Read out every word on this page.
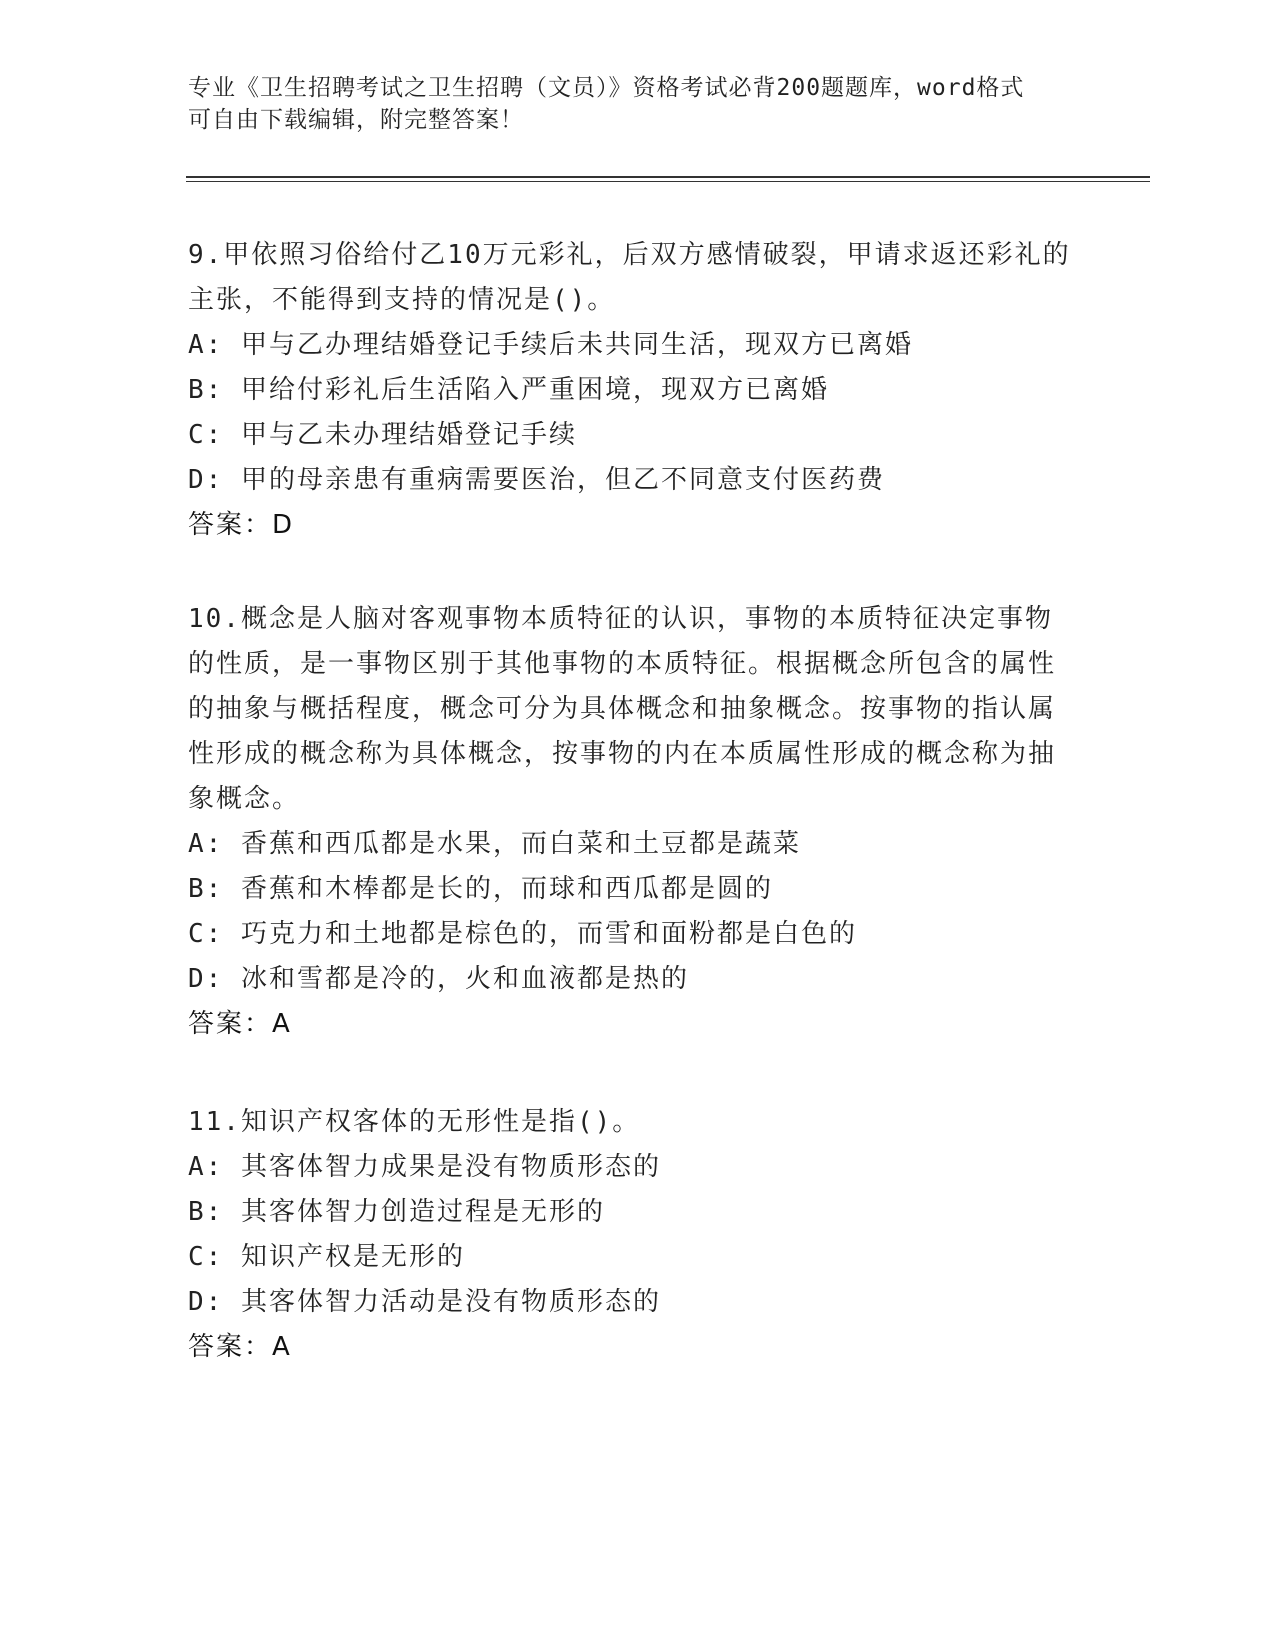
专业《卫生招聘考试之卫生招聘（文员）》资格考试必背200题题库，word格式
可自由下载编辑，附完整答案！
9.甲依照习俗给付乙10万元彩礼，后双方感情破裂，甲请求返还彩礼的主张，不能得到支持的情况是()。
A: 甲与乙办理结婚登记手续后未共同生活，现双方已离婚
B: 甲给付彩礼后生活陷入严重困境，现双方已离婚
C: 甲与乙未办理结婚登记手续
D: 甲的母亲患有重病需要医治，但乙不同意支付医药费
答案：D
10.概念是人脑对客观事物本质特征的认识，事物的本质特征决定事物的性质，是一事物区别于其他事物的本质特征。根据概念所包含的属性的抽象与概括程度，概念可分为具体概念和抽象概念。按事物的指认属性形成的概念称为具体概念，按事物的内在本质属性形成的概念称为抽象概念。
A: 香蕉和西瓜都是水果，而白菜和土豆都是蔬菜
B: 香蕉和木棒都是长的，而球和西瓜都是圆的
C: 巧克力和土地都是棕色的，而雪和面粉都是白色的
D: 冰和雪都是冷的，火和血液都是热的
答案：A
11.知识产权客体的无形性是指()。
A: 其客体智力成果是没有物质形态的
B: 其客体智力创造过程是无形的
C: 知识产权是无形的
D: 其客体智力活动是没有物质形态的
答案：A
